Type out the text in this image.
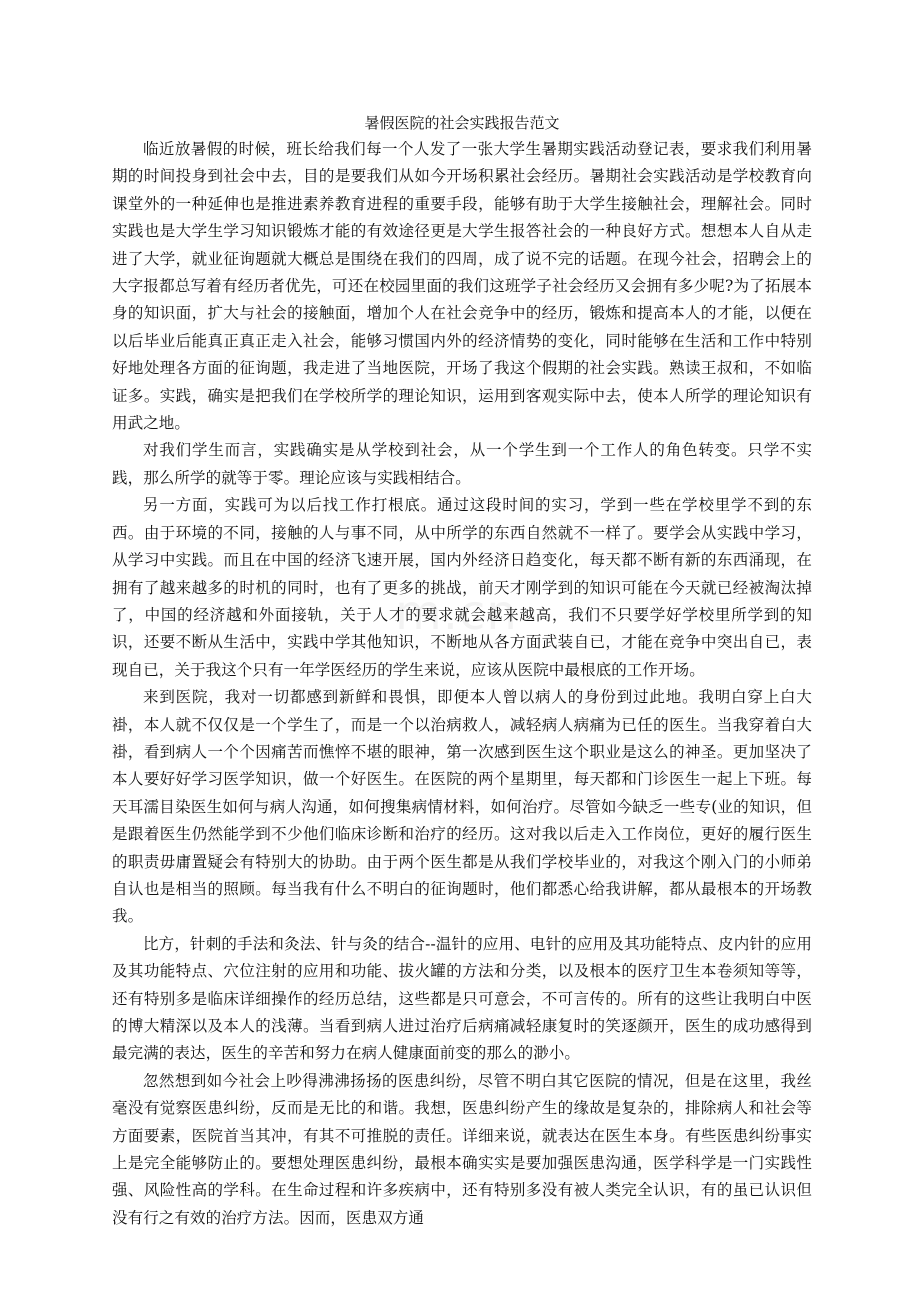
暑假医院的社会实践报告范文

临近放暑假的时候，班长给我们每一个人发了一张大学生暑期实践活动登记表，要求我们利用暑期的时间投身到社会中去，目的是要我们从如今开场积累社会经历。暑期社会实践活动是学校教育向课堂外的一种延伸也是推进素养教育进程的重要手段，能够有助于大学生接触社会，理解社会。同时实践也是大学生学习知识锻炼才能的有效途径更是大学生报答社会的一种良好方式。想想本人自从走进了大学，就业征询题就大概总是围绕在我们的四周，成了说不完的话题。在现今社会，招聘会上的大字报都总写着有经历者优先，可还在校园里面的我们这班学子社会经历又会拥有多少呢?为了拓展本身的知识面，扩大与社会的接触面，增加个人在社会竞争中的经历，锻炼和提高本人的才能，以便在以后毕业后能真正真正走入社会，能够习惯国内外的经济情势的变化，同时能够在生活和工作中特别好地处理各方面的征询题，我走进了当地医院，开场了我这个假期的社会实践。熟读王叔和，不如临证多。实践，确实是把我们在学校所学的理论知识，运用到客观实际中去，使本人所学的理论知识有用武之地。

对我们学生而言，实践确实是从学校到社会，从一个学生到一个工作人的角色转变。只学不实践，那么所学的就等于零。理论应该与实践相结合。

另一方面，实践可为以后找工作打根底。通过这段时间的实习，学到一些在学校里学不到的东西。由于环境的不同，接触的人与事不同，从中所学的东西自然就不一样了。要学会从实践中学习，从学习中实践。而且在中国的经济飞速开展，国内外经济日趋变化，每天都不断有新的东西涌现，在拥有了越来越多的时机的同时，也有了更多的挑战，前天才刚学到的知识可能在今天就已经被淘汰掉了，中国的经济越和外面接轨，关于人才的要求就会越来越高，我们不只要学好学校里所学到的知识，还要不断从生活中，实践中学其他知识，不断地从各方面武装自已，才能在竞争中突出自已，表现自已，关于我这个只有一年学医经历的学生来说，应该从医院中最根底的工作开场。

来到医院，我对一切都感到新鲜和畏惧，即便本人曾以病人的身份到过此地。我明白穿上白大褂，本人就不仅仅是一个学生了，而是一个以治病救人，减轻病人病痛为已任的医生。当我穿着白大褂，看到病人一个个因痛苦而憔悴不堪的眼神，第一次感到医生这个职业是这么的神圣。更加坚决了本人要好好学习医学知识，做一个好医生。在医院的两个星期里，每天都和门诊医生一起上下班。每天耳濡目染医生如何与病人沟通，如何搜集病情材料，如何治疗。尽管如今缺乏一些专(业的知识，但是跟着医生仍然能学到不少他们临床诊断和治疗的经历。这对我以后走入工作岗位，更好的履行医生的职责毋庸置疑会有特别大的协助。由于两个医生都是从我们学校毕业的，对我这个刚入门的小师弟自认也是相当的照顾。每当我有什么不明白的征询题时，他们都悉心给我讲解，都从最根本的开场教我。

比方，针刺的手法和灸法、针与灸的结合--温针的应用、电针的应用及其功能特点、皮内针的应用及其功能特点、穴位注射的应用和功能、拔火罐的方法和分类，以及根本的医疗卫生本卷须知等等，还有特别多是临床详细操作的经历总结，这些都是只可意会，不可言传的。所有的这些让我明白中医的博大精深以及本人的浅薄。当看到病人进过治疗后病痛减轻康复时的笑逐颜开，医生的成功感得到最完满的表达，医生的辛苦和努力在病人健康面前变的那么的渺小。

忽然想到如今社会上吵得沸沸扬扬的医患纠纷，尽管不明白其它医院的情况，但是在这里，我丝毫没有觉察医患纠纷，反而是无比的和谐。我想，医患纠纷产生的缘故是复杂的，排除病人和社会等方面要素，医院首当其冲，有其不可推脱的责任。详细来说，就表达在医生本身。有些医患纠纷事实上是完全能够防止的。要想处理医患纠纷，最根本确实实是要加强医患沟通，医学科学是一门实践性强、风险性高的学科。在生命过程和许多疾病中，还有特别多没有被人类完全认识，有的虽已认识但没有行之有效的治疗方法。因而，医患双方通
